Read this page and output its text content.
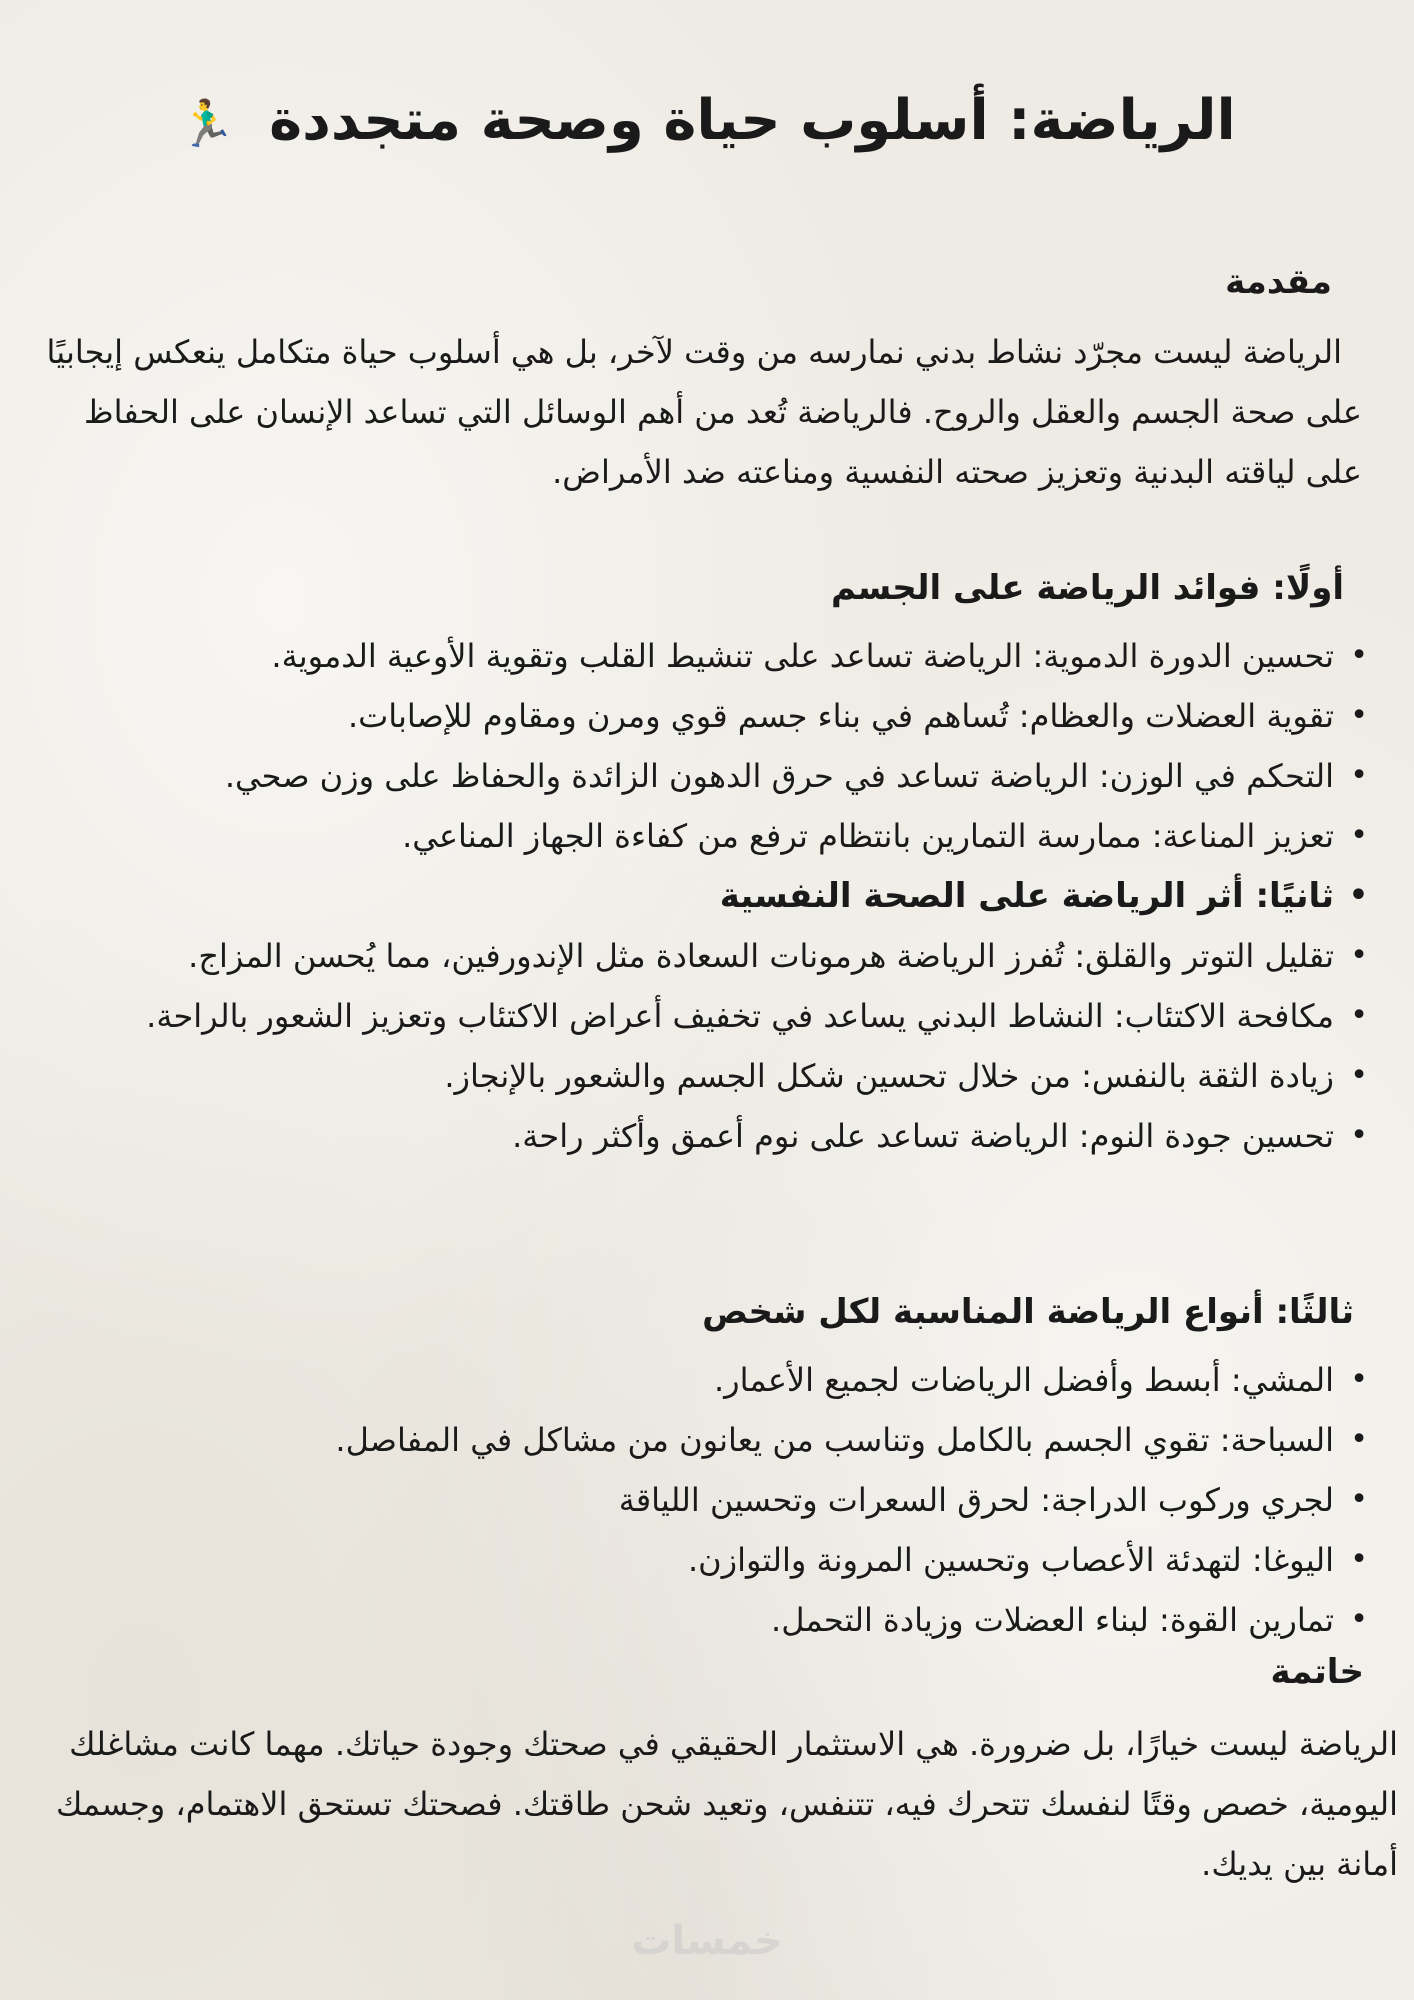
الرياضة: أسلوب حياة وصحة متجددة 🏃‍♂️
مقدمة

الرياضة ليست مجرّد نشاط بدني نمارسه من وقت لآخر، بل هي أسلوب حياة متكامل ينعكس إيجابيًا على صحة الجسم والعقل والروح. فالرياضة تُعد من أهم الوسائل التي تساعد الإنسان على الحفاظ على لياقته البدنية وتعزيز صحته النفسية ومناعته ضد الأمراض.

أولًا: فوائد الرياضة على الجسم
• تحسين الدورة الدموية: الرياضة تساعد على تنشيط القلب وتقوية الأوعية الدموية.
• تقوية العضلات والعظام: تُساهم في بناء جسم قوي ومرن ومقاوم للإصابات.
• التحكم في الوزن: الرياضة تساعد في حرق الدهون الزائدة والحفاظ على وزن صحي.
• تعزيز المناعة: ممارسة التمارين بانتظام ترفع من كفاءة الجهاز المناعي.
• ثانيًا: أثر الرياضة على الصحة النفسية
• تقليل التوتر والقلق: تُفرز الرياضة هرمونات السعادة مثل الإندورفين، مما يُحسن المزاج.
• مكافحة الاكتئاب: النشاط البدني يساعد في تخفيف أعراض الاكتئاب وتعزيز الشعور بالراحة.
• زيادة الثقة بالنفس: من خلال تحسين شكل الجسم والشعور بالإنجاز.
• تحسين جودة النوم: الرياضة تساعد على نوم أعمق وأكثر راحة.
ثالثًا: أنواع الرياضة المناسبة لكل شخص
• المشي: أبسط وأفضل الرياضات لجميع الأعمار.
• السباحة: تقوي الجسم بالكامل وتناسب من يعانون من مشاكل في المفاصل.
• لجري وركوب الدراجة: لحرق السعرات وتحسين اللياقة
• اليوغا: لتهدئة الأعصاب وتحسين المرونة والتوازن.
• تمارين القوة: لبناء العضلات وزيادة التحمل.
خاتمة

الرياضة ليست خيارًا، بل ضرورة. هي الاستثمار الحقيقي في صحتك وجودة حياتك. مهما كانت مشاغلك اليومية، خصص وقتًا لنفسك تتحرك فيه، تتنفس، وتعيد شحن طاقتك. فصحتك تستحق الاهتمام، وجسمك أمانة بين يديك.

خمسات
